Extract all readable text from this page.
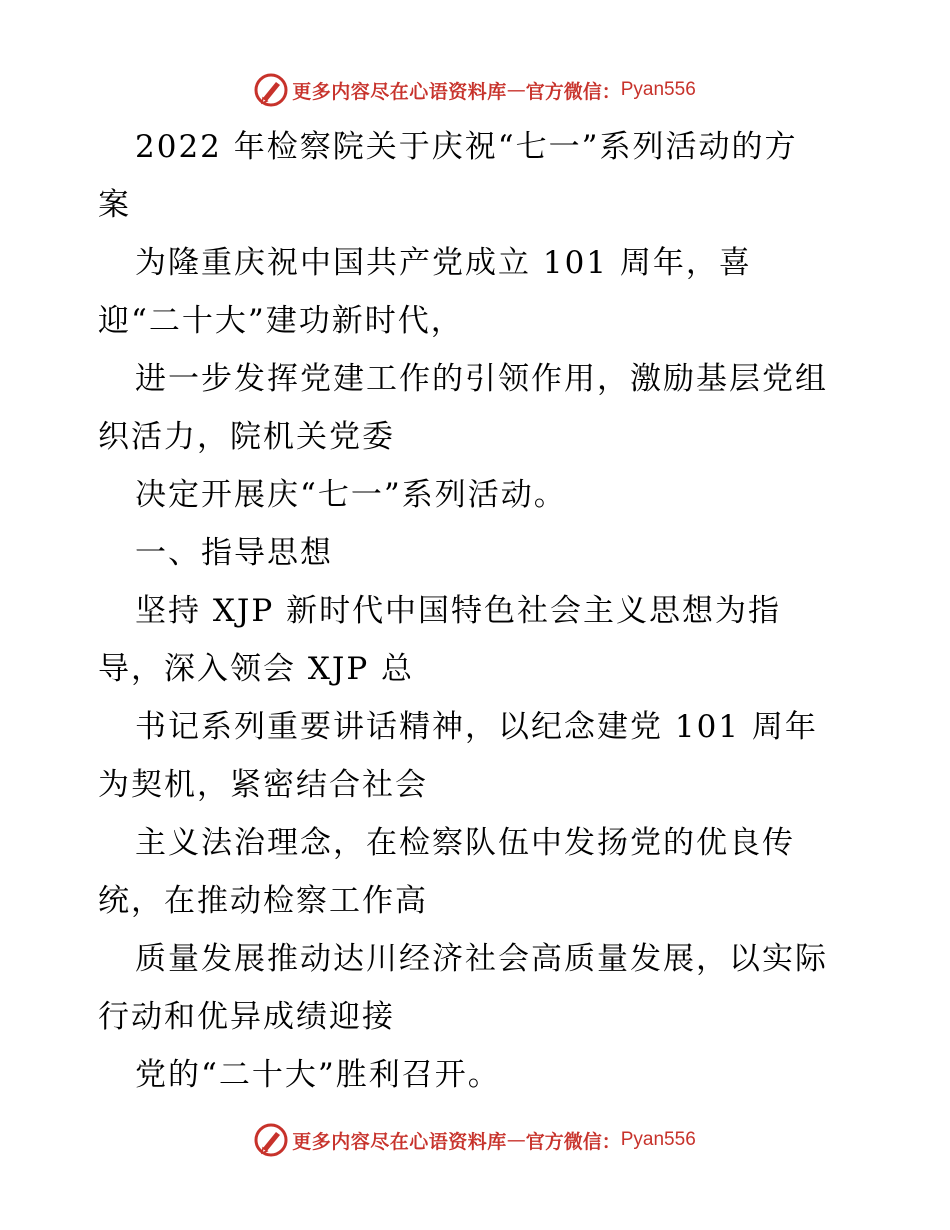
更多内容尽在心语资料库 — 官方微信： Pyan556

2022 年检察院关于庆祝“七一”系列活动的方
案

为隆重庆祝中国共产党成立 101 周年，喜
迎“二十大”建功新时代，

进一步发挥党建工作的引领作用，激励基层党组
织活力，院机关党委

决定开展庆“七一”系列活动。

一、指导思想

坚持 XJP 新时代中国特色社会主义思想为指
导，深入领会 XJP 总

书记系列重要讲话精神，以纪念建党 101 周年
为契机，紧密结合社会

主义法治理念，在检察队伍中发扬党的优良传
统，在推动检察工作高

质量发展推动达川经济社会高质量发展，以实际
行动和优异成绩迎接

党的“二十大”胜利召开。

更多内容尽在心语资料库 — 官方微信： Pyan556
